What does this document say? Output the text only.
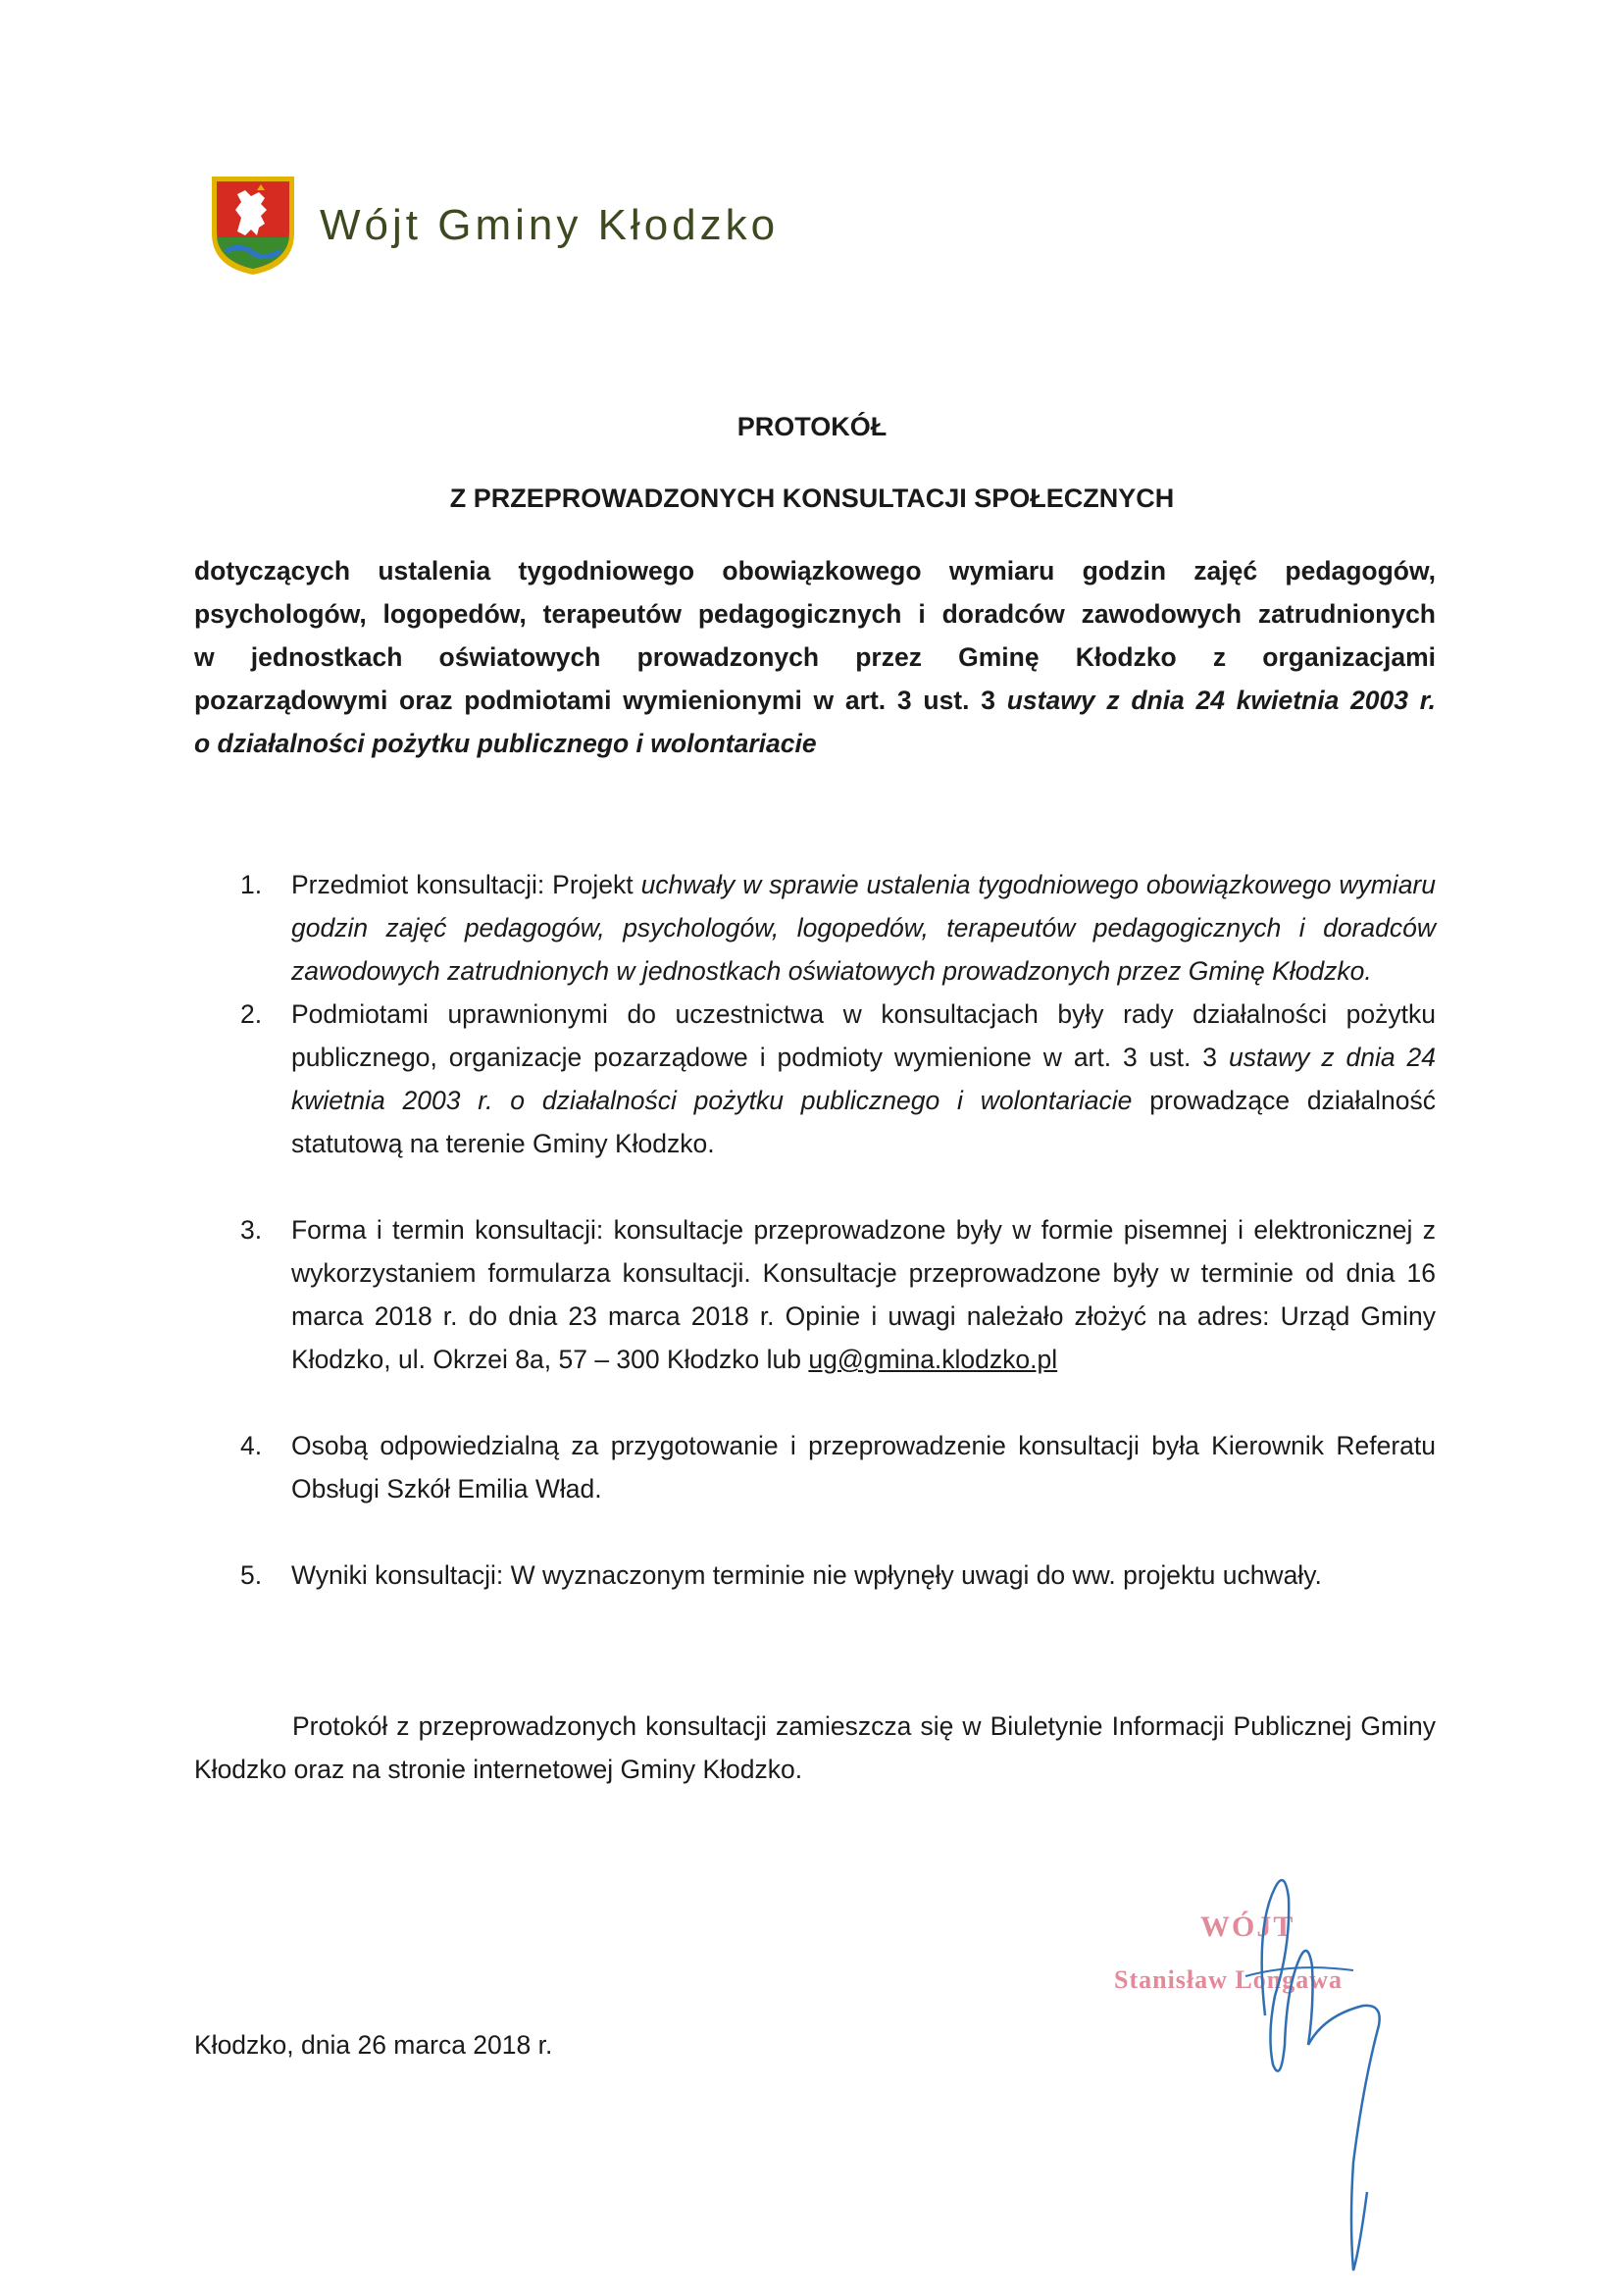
Wójt Gminy Kłodzko
PROTOKÓŁ
Z PRZEPROWADZONYCH KONSULTACJI SPOŁECZNYCH
dotyczących ustalenia tygodniowego obowiązkowego wymiaru godzin zajęć pedagogów,
psychologów, logopedów, terapeutów pedagogicznych i doradców zawodowych zatrudnionych
w jednostkach oświatowych prowadzonych przez Gminę Kłodzko z organizacjami
pozarządowymi oraz podmiotami wymienionymi w art. 3 ust. 3 ustawy z dnia 24 kwietnia 2003 r.
o działalności pożytku publicznego i wolontariacie
1. Przedmiot konsultacji: Projekt uchwały w sprawie ustalenia tygodniowego obowiązkowego wymiaru godzin zajęć pedagogów, psychologów, logopedów, terapeutów pedagogicznych i doradców zawodowych zatrudnionych w jednostkach oświatowych prowadzonych przez Gminę Kłodzko.
2. Podmiotami uprawnionymi do uczestnictwa w konsultacjach były rady działalności pożytku publicznego, organizacje pozarządowe i podmioty wymienione w art. 3 ust. 3 ustawy z dnia 24 kwietnia 2003 r. o działalności pożytku publicznego i wolontariacie prowadzące działalność statutową na terenie Gminy Kłodzko.
3. Forma i termin konsultacji: konsultacje przeprowadzone były w formie pisemnej i elektronicznej z wykorzystaniem formularza konsultacji. Konsultacje przeprowadzone były w terminie od dnia 16 marca 2018 r. do dnia 23 marca 2018 r. Opinie i uwagi należało złożyć na adres: Urząd Gminy Kłodzko, ul. Okrzei 8a, 57 – 300 Kłodzko lub ug@gmina.klodzko.pl
4. Osobą odpowiedzialną za przygotowanie i przeprowadzenie konsultacji była Kierownik Referatu Obsługi Szkół Emilia Wład.
5. Wyniki konsultacji: W wyznaczonym terminie nie wpłynęły uwagi do ww. projektu uchwały.
Protokół z przeprowadzonych konsultacji zamieszcza się w Biuletynie Informacji Publicznej Gminy Kłodzko oraz na stronie internetowej Gminy Kłodzko.
Kłodzko, dnia 26 marca 2018 r.
WÓJT
Stanisław Longawa
